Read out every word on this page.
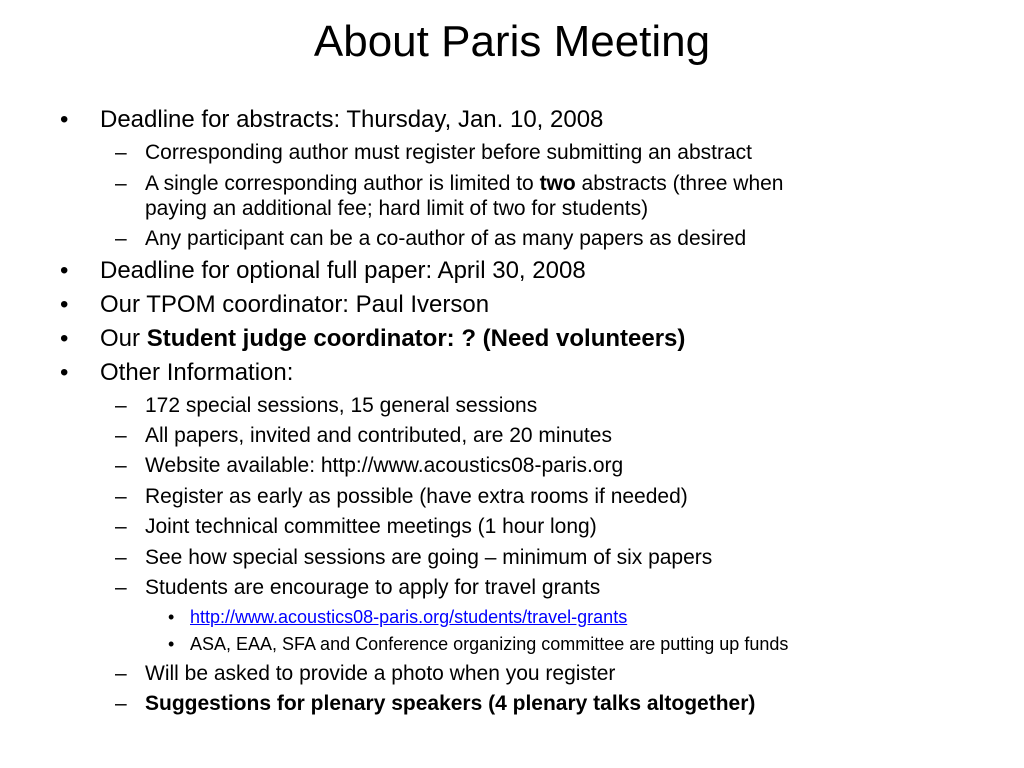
About Paris Meeting
• Deadline for abstracts: Thursday, Jan. 10, 2008
– Corresponding author must register before submitting an abstract
– A single corresponding author is limited to two abstracts (three when
paying an additional fee; hard limit of two for students)
– Any participant can be a co-author of as many papers as desired
• Deadline for optional full paper: April 30, 2008
• Our TPOM coordinator: Paul Iverson
• Our Student judge coordinator: ? (Need volunteers)
• Other Information:
– 172 special sessions, 15 general sessions
– All papers, invited and contributed, are 20 minutes
– Website available: http://www.acoustics08-paris.org
– Register as early as possible (have extra rooms if needed)
– Joint technical committee meetings (1 hour long)
– See how special sessions are going – minimum of six papers
– Students are encourage to apply for travel grants
• http://www.acoustics08-paris.org/students/travel-grants
• ASA, EAA, SFA and Conference organizing committee are putting up funds
– Will be asked to provide a photo when you register
– Suggestions for plenary speakers (4 plenary talks altogether)
